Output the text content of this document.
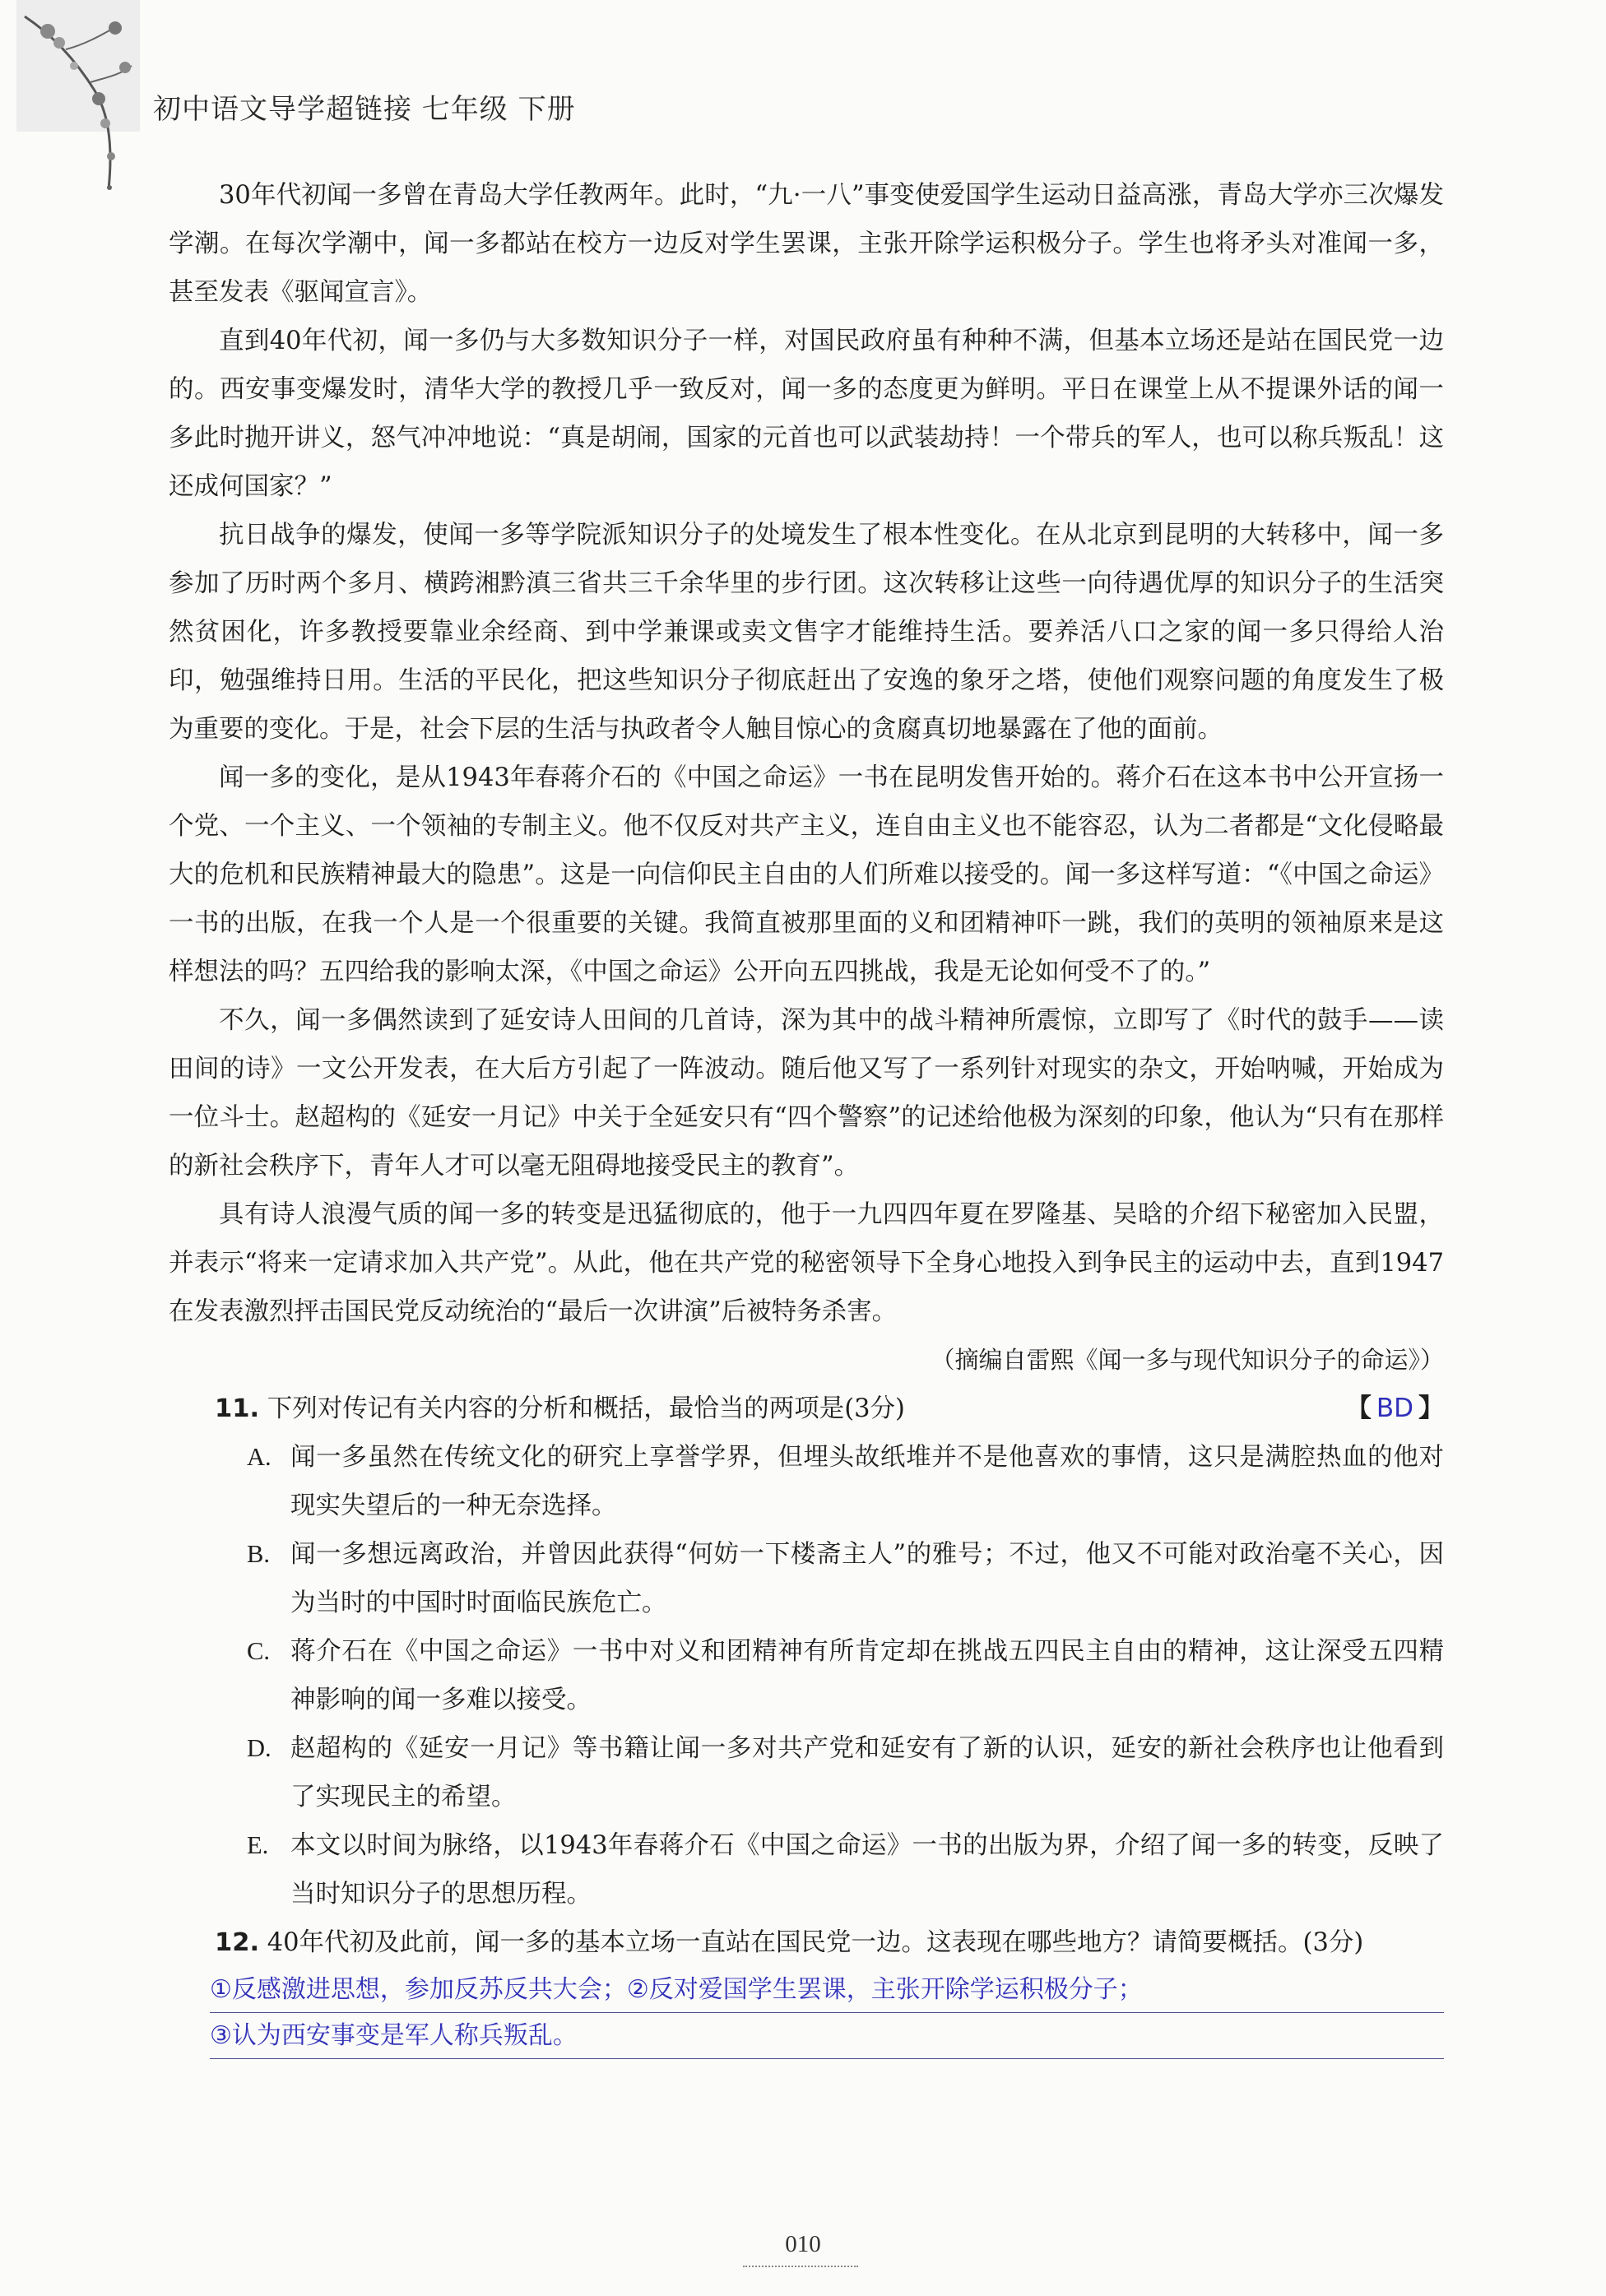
初中语文导学超链接 七年级 下册

30年代初闻一多曾在青岛大学任教两年。此时，“九·一八”事变使爱国学生运动日益高涨，青岛大学亦三次爆发学潮。在每次学潮中，闻一多都站在校方一边反对学生罢课，主张开除学运积极分子。学生也将矛头对准闻一多，甚至发表《驱闻宣言》。

直到40年代初，闻一多仍与大多数知识分子一样，对国民政府虽有种种不满，但基本立场还是站在国民党一边的。西安事变爆发时，清华大学的教授几乎一致反对，闻一多的态度更为鲜明。平日在课堂上从不提课外话的闻一多此时抛开讲义，怒气冲冲地说：“真是胡闹，国家的元首也可以武装劫持！一个带兵的军人，也可以称兵叛乱！这还成何国家？”

抗日战争的爆发，使闻一多等学院派知识分子的处境发生了根本性变化。在从北京到昆明的大转移中，闻一多参加了历时两个多月、横跨湘黔滇三省共三千余华里的步行团。这次转移让这些一向待遇优厚的知识分子的生活突然贫困化，许多教授要靠业余经商、到中学兼课或卖文售字才能维持生活。要养活八口之家的闻一多只得给人治印，勉强维持日用。生活的平民化，把这些知识分子彻底赶出了安逸的象牙之塔，使他们观察问题的角度发生了极为重要的变化。于是，社会下层的生活与执政者令人触目惊心的贪腐真切地暴露在了他的面前。

闻一多的变化，是从1943年春蒋介石的《中国之命运》一书在昆明发售开始的。蒋介石在这本书中公开宣扬一个党、一个主义、一个领袖的专制主义。他不仅反对共产主义，连自由主义也不能容忍，认为二者都是“文化侵略最大的危机和民族精神最大的隐患”。这是一向信仰民主自由的人们所难以接受的。闻一多这样写道：“《中国之命运》一书的出版，在我一个人是一个很重要的关键。我简直被那里面的义和团精神吓一跳，我们的英明的领袖原来是这样想法的吗？五四给我的影响太深，《中国之命运》公开向五四挑战，我是无论如何受不了的。”

不久，闻一多偶然读到了延安诗人田间的几首诗，深为其中的战斗精神所震惊，立即写了《时代的鼓手——读田间的诗》一文公开发表，在大后方引起了一阵波动。随后他又写了一系列针对现实的杂文，开始呐喊，开始成为一位斗士。赵超构的《延安一月记》中关于全延安只有“四个警察”的记述给他极为深刻的印象，他认为“只有在那样的新社会秩序下，青年人才可以毫无阻碍地接受民主的教育”。

具有诗人浪漫气质的闻一多的转变是迅猛彻底的，他于一九四四年夏在罗隆基、吴晗的介绍下秘密加入民盟，并表示“将来一定请求加入共产党”。从此，他在共产党的秘密领导下全身心地投入到争民主的运动中去，直到1947在发表激烈抨击国民党反动统治的“最后一次讲演”后被特务杀害。

（摘编自雷熙《闻一多与现代知识分子的命运》）

11. 下列对传记有关内容的分析和概括，最恰当的两项是(3分)	【 BD 】

A. 闻一多虽然在传统文化的研究上享誉学界，但埋头故纸堆并不是他喜欢的事情，这只是满腔热血的他对现实失望后的一种无奈选择。
B. 闻一多想远离政治，并曾因此获得“何妨一下楼斋主人”的雅号；不过，他又不可能对政治毫不关心，因为当时的中国时时面临民族危亡。
C. 蒋介石在《中国之命运》一书中对义和团精神有所肯定却在挑战五四民主自由的精神，这让深受五四精神影响的闻一多难以接受。
D. 赵超构的《延安一月记》等书籍让闻一多对共产党和延安有了新的认识，延安的新社会秩序也让他看到了实现民主的希望。
E. 本文以时间为脉络，以1943年春蒋介石《中国之命运》一书的出版为界，介绍了闻一多的转变，反映了当时知识分子的思想历程。

12. 40年代初及此前，闻一多的基本立场一直站在国民党一边。这表现在哪些地方？请简要概括。(3分)

①反感激进思想，参加反苏反共大会；②反对爱国学生罢课，主张开除学运积极分子；
③认为西安事变是军人称兵叛乱。
010
